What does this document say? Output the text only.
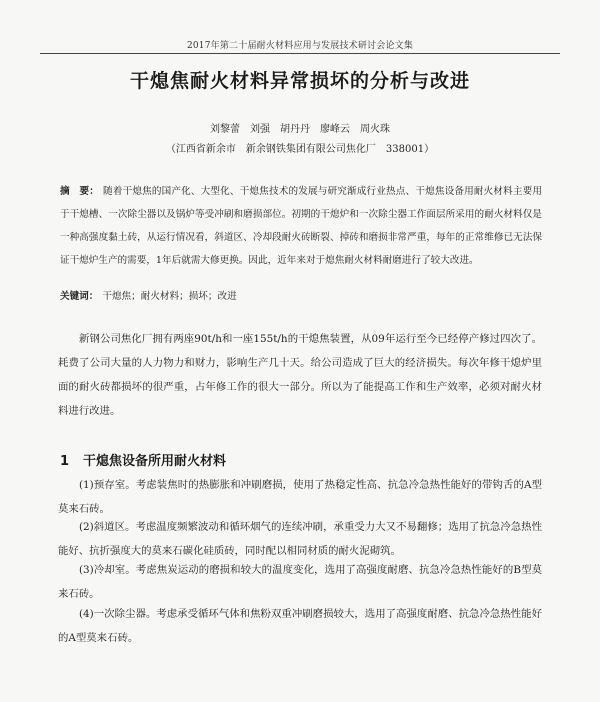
2017年第二十届耐火材料应用与发展技术研讨会论文集
干熄焦耐火材料异常损坏的分析与改进
刘黎蕾　刘强　胡丹丹　廖峰云　周火珠
（江西省新余市　新余钢铁集团有限公司焦化厂　338001）
摘　要： 随着干熄焦的国产化、大型化、干熄焦技术的发展与研究渐成行业热点、干熄焦设备用耐火材料主要用于干熄槽、一次除尘器以及锅炉等受冲刷和磨损部位。初期的干熄炉和一次除尘器工作面层所采用的耐火材料仅是一种高强度黏土砖，从运行情况看，斜道区、冷却段耐火砖断裂、掉砖和磨损非常严重，每年的正常维修已无法保证干熄炉生产的需要，1年后就需大修更换。因此，近年来对于熄焦耐火材料耐磨进行了较大改进。
关键词： 干熄焦；耐火材料；损坏；改进
新钢公司焦化厂拥有两座90t/h和一座155t/h的干熄焦装置，从09年运行至今已经停产修过四次了。耗费了公司大量的人力物力和财力，影响生产几十天。给公司造成了巨大的经济损失。每次年修干熄炉里面的耐火砖都损坏的很严重，占年修工作的很大一部分。所以为了能提高工作和生产效率，必须对耐火材料进行改进。
1 干熄焦设备所用耐火材料
(1)预存室。考虑装焦时的热膨胀和冲刷磨损，使用了热稳定性高、抗急冷急热性能好的带钩舌的A型莫来石砖。
(2)斜道区。考虑温度频繁波动和循环烟气的连续冲刷，承重受力大又不易翻修；选用了抗急冷急热性能好、抗折强度大的莫来石碳化硅质砖，同时配以相同材质的耐火泥砌筑。
(3)冷却室。考虑焦炭运动的磨损和较大的温度变化，选用了高强度耐磨、抗急冷急热性能好的B型莫来石砖。
(4)一次除尘器。考虑承受循环气体和焦粉双重冲刷磨损较大，选用了高强度耐磨、抗急冷急热性能好的A型莫来石砖。
